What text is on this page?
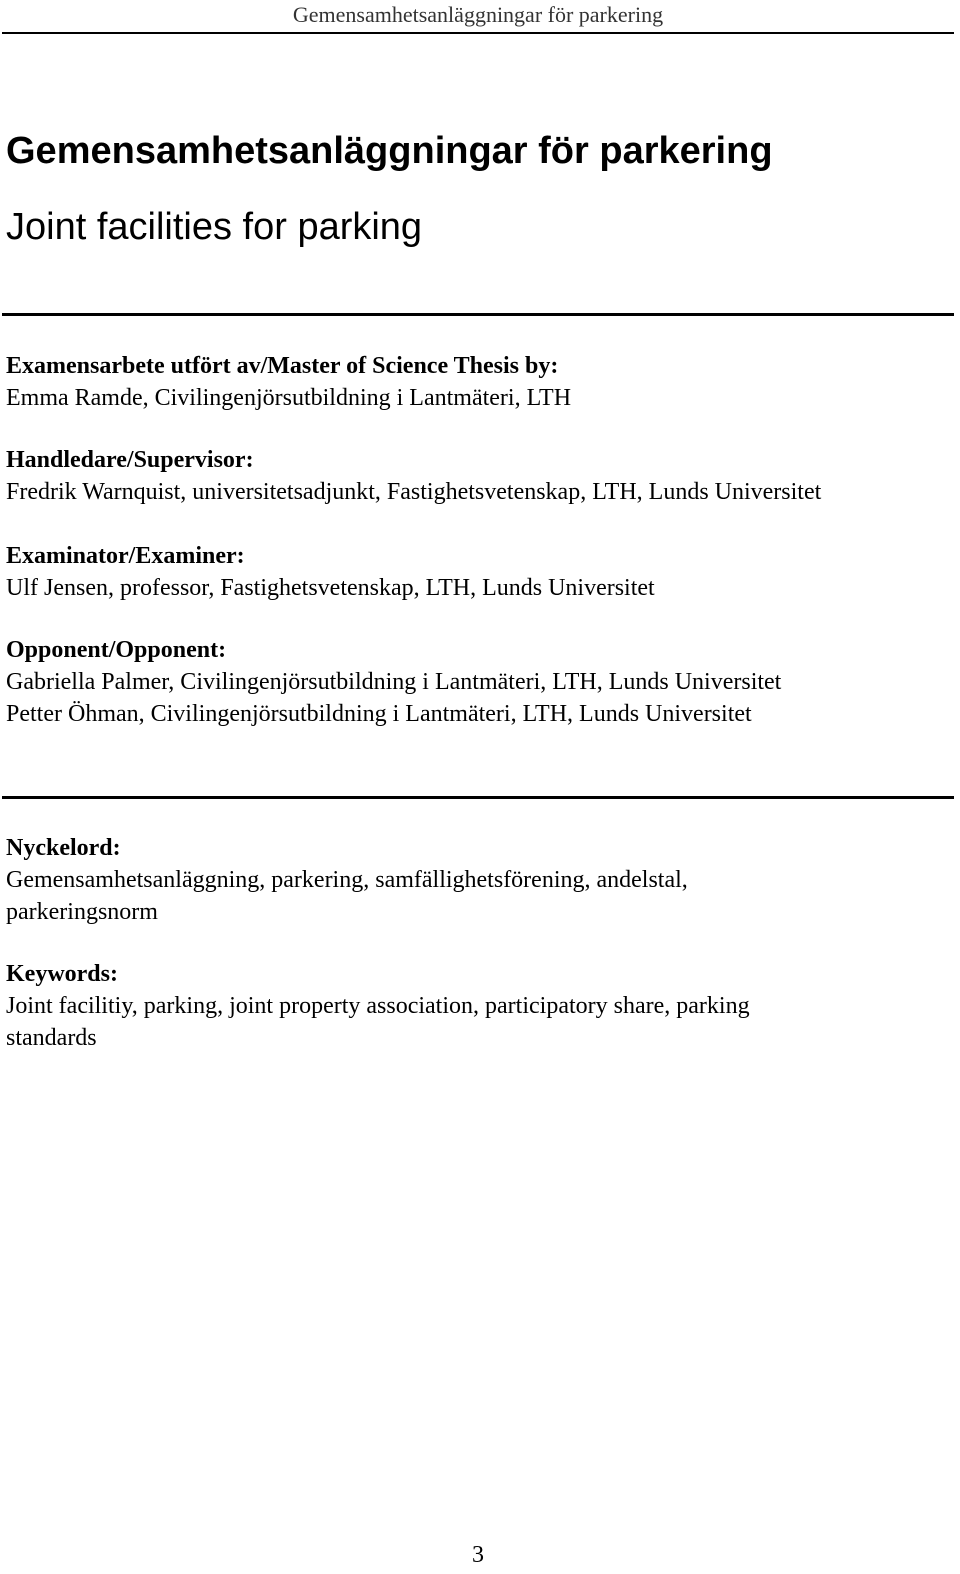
Gemensamhetsanläggningar för parkering
Gemensamhetsanläggningar för parkering
Joint facilities for parking
Examensarbete utfört av/Master of Science Thesis by:
Emma Ramde, Civilingenjörsutbildning i Lantmäteri, LTH
Handledare/Supervisor:
Fredrik Warnquist, universitetsadjunkt, Fastighetsvetenskap, LTH, Lunds Universitet
Examinator/Examiner:
Ulf Jensen, professor, Fastighetsvetenskap, LTH, Lunds Universitet
Opponent/Opponent:
Gabriella Palmer, Civilingenjörsutbildning i Lantmäteri, LTH, Lunds Universitet
Petter Öhman, Civilingenjörsutbildning i Lantmäteri, LTH, Lunds Universitet
Nyckelord:
Gemensamhetsanläggning, parkering, samfällighetsförening, andelstal,
parkeringsnorm
Keywords:
Joint facilitiy, parking, joint property association, participatory share, parking
standards
3
